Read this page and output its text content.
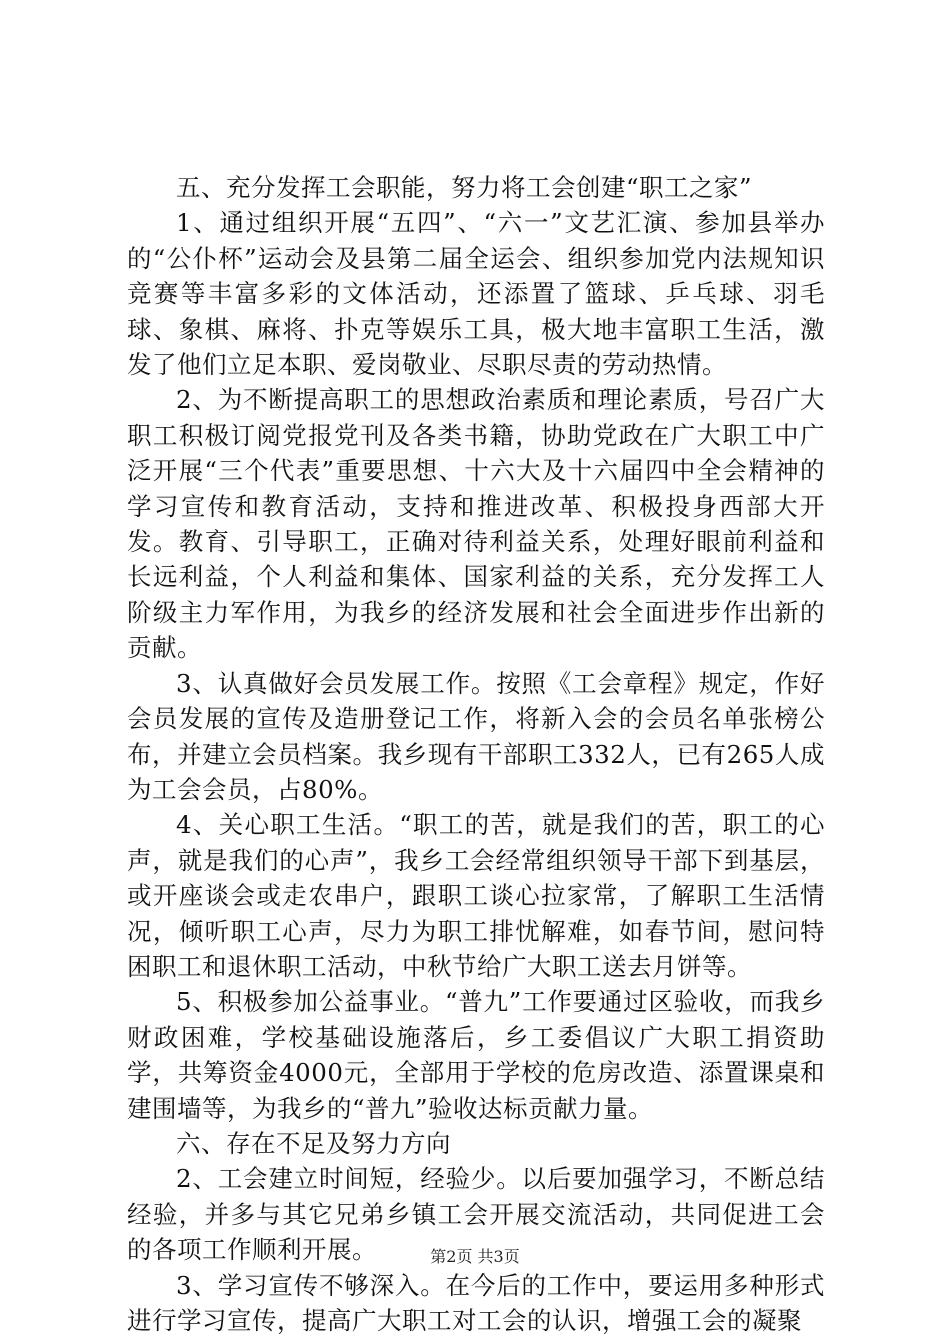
五、充分发挥工会职能，努力将工会创建“职工之家”

1、通过组织开展“五四”、“六一”文艺汇演、参加县举办的“公仆杯”运动会及县第二届全运会、组织参加党内法规知识竞赛等丰富多彩的文体活动，还添置了篮球、乒乓球、羽毛球、象棋、麻将、扑克等娱乐工具，极大地丰富职工生活，激发了他们立足本职、爱岗敬业、尽职尽责的劳动热情。

2、为不断提高职工的思想政治素质和理论素质，号召广大职工积极订阅党报党刊及各类书籍，协助党政在广大职工中广泛开展“三个代表”重要思想、十六大及十六届四中全会精神的学习宣传和教育活动，支持和推进改革、积极投身西部大开发。教育、引导职工，正确对待利益关系，处理好眼前利益和长远利益，个人利益和集体、国家利益的关系，充分发挥工人阶级主力军作用，为我乡的经济发展和社会全面进步作出新的贡献。

3、认真做好会员发展工作。按照《工会章程》规定，作好会员发展的宣传及造册登记工作，将新入会的会员名单张榜公布，并建立会员档案。我乡现有干部职工332人，已有265人成为工会会员，占80%。

4、关心职工生活。“职工的苦，就是我们的苦，职工的心声，就是我们的心声”，我乡工会经常组织领导干部下到基层，或开座谈会或走农串户，跟职工谈心拉家常，了解职工生活情况，倾听职工心声，尽力为职工排忧解难，如春节间，慰问特困职工和退休职工活动，中秋节给广大职工送去月饼等。

5、积极参加公益事业。“普九”工作要通过区验收，而我乡财政困难，学校基础设施落后，乡工委倡议广大职工捐资助学，共筹资金4000元，全部用于学校的危房改造、添置课桌和建围墙等，为我乡的“普九”验收达标贡献力量。

六、存在不足及努力方向

2、工会建立时间短，经验少。以后要加强学习，不断总结经验，并多与其它兄弟乡镇工会开展交流活动，共同促进工会的各项工作顺利开展。

3、学习宣传不够深入。在今后的工作中，要运用多种形式进行学习宣传，提高广大职工对工会的认识，增强工会的凝聚

第2页 共3页
